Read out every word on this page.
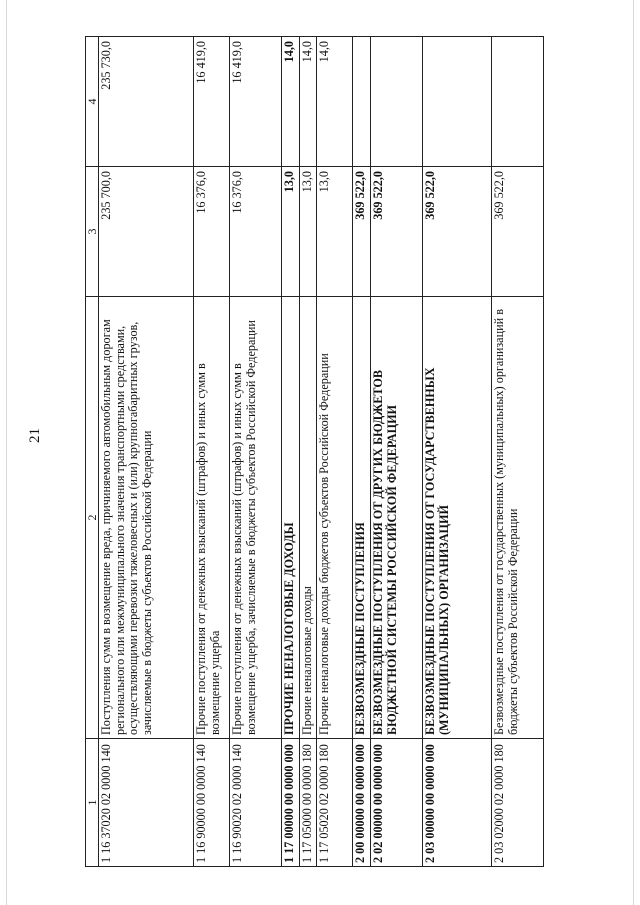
21
1	2	3	4
1 16 37020 02 0000 140	Поступления сумм в возмещение вреда, причиняемого автомобильным дорогам регионального или межмуниципального значения транспортными средствами, осуществляющими перевозки тяжеловесных и (или) крупногабаритных грузов, зачисляемые в бюджеты субъектов Российской Федерации	235 700,0	235 730,0
1 16 90000 00 0000 140	Прочие поступления от денежных взысканий (штрафов) и иных сумм в возмещение ущерба	16 376,0	16 419,0
1 16 90020 02 0000 140	Прочие поступления от денежных взысканий (штрафов) и иных сумм в возмещение ущерба, зачисляемые в бюджеты субъектов Российской Федерации	16 376,0	16 419,0
1 17 00000 00 0000 000	ПРОЧИЕ НЕНАЛОГОВЫЕ ДОХОДЫ	13,0	14,0
1 17 05000 00 0000 180	Прочие неналоговые доходы	13,0	14,0
1 17 05020 02 0000 180	Прочие неналоговые доходы бюджетов субъектов Российской Федерации	13,0	14,0
2 00 00000 00 0000 000	БЕЗВОЗМЕЗДНЫЕ ПОСТУПЛЕНИЯ	369 522,0	
2 02 00000 00 0000 000	БЕЗВОЗМЕЗДНЫЕ ПОСТУПЛЕНИЯ ОТ ДРУГИХ БЮДЖЕТОВ БЮДЖЕТНОЙ СИСТЕМЫ РОССИЙСКОЙ ФЕДЕРАЦИИ	369 522,0	
2 03 00000 00 0000 000	БЕЗВОЗМЕЗДНЫЕ ПОСТУПЛЕНИЯ ОТ ГОСУДАРСТВЕННЫХ (МУНИЦИПАЛЬНЫХ) ОРГАНИЗАЦИЙ	369 522,0	
2 03 02000 02 0000 180	Безвозмездные поступления от государственных (муниципальных) организаций в бюджеты субъектов Российской Федерации	369 522,0	
